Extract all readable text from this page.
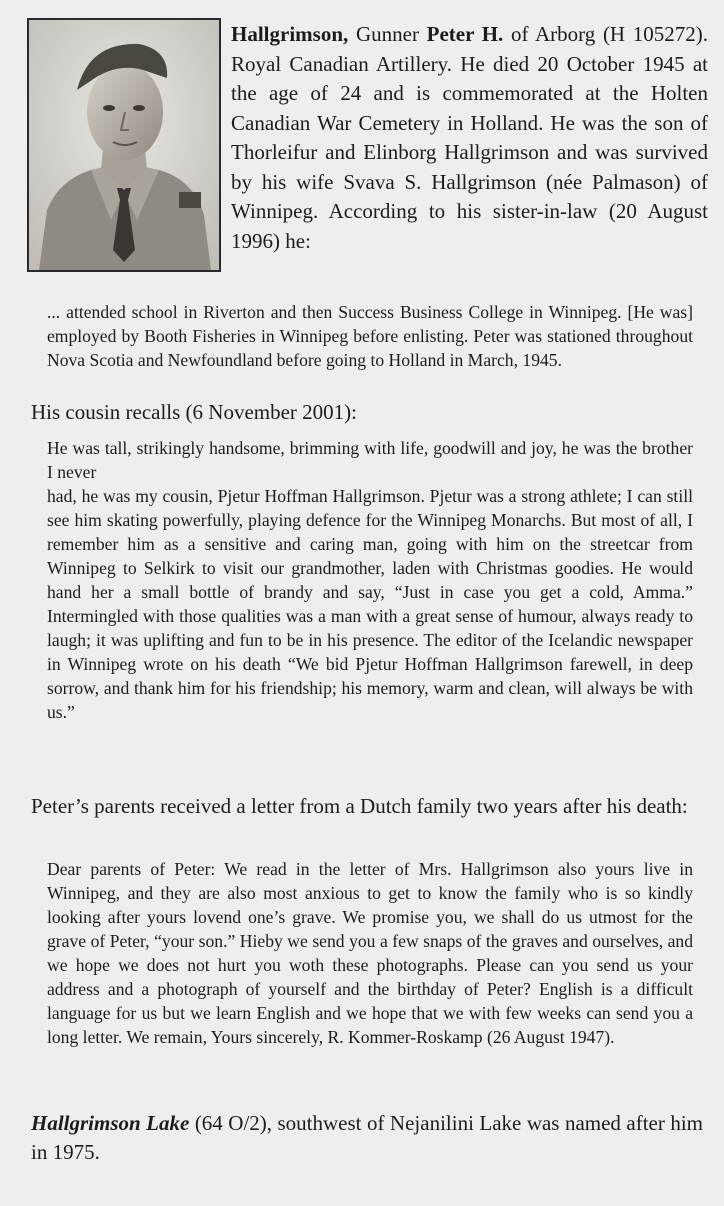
Hallgrimson, Gunner Peter H. of Arborg (H 105272). Royal Canadian Artillery. He died 20 October 1945 at the age of 24 and is commemorated at the Holten Canadian War Cemetery in Holland. He was the son of Thorleifur and Elinborg Hallgrimson and was survived by his wife Svava S. Hallgrimson (née Palmason) of Winnipeg. According to his sister-in-law (20 August 1996) he:

... attended school in Riverton and then Success Business College in Winnipeg. [He was] employed by Booth Fisheries in Winnipeg before enlisting. Peter was stationed throughout Nova Scotia and Newfoundland before going to Holland in March, 1945.

His cousin recalls (6 November 2001):

He was tall, strikingly handsome, brimming with life, goodwill and joy, he was the brother I never
had, he was my cousin, Pjetur Hoffman Hallgrimson. Pjetur was a strong athlete; I can still see him skating powerfully, playing defence for the Winnipeg Monarchs. But most of all, I remember him as a sensitive and caring man, going with him on the streetcar from Winnipeg to Selkirk to visit our grandmother, laden with Christmas goodies. He would hand her a small bottle of brandy and say, “Just in case you get a cold, Amma.” Intermingled with those qualities was a man with a great sense of humour, always ready to laugh; it was uplifting and fun to be in his presence. The editor of the Icelandic newspaper in Winnipeg wrote on his death “We bid Pjetur Hoffman Hallgrimson farewell, in deep sorrow, and thank him for his friendship; his memory, warm and clean, will always be with us.”

Peter’s parents received a letter from a Dutch family two years after his death:

Dear parents of Peter: We read in the letter of Mrs. Hallgrimson also yours live in Winnipeg, and they are also most anxious to get to know the family who is so kindly looking after yours lovend one’s grave. We promise you, we shall do us utmost for the grave of Peter, “your son.” Hieby we send you a few snaps of the graves and ourselves, and we hope we does not hurt you woth these photographs. Please can you send us your address and a photograph of yourself and the birthday of Peter? English is a difficult language for us but we learn English and we hope that we with few weeks can send you a long letter. We remain, Yours sincerely, R. Kommer-Roskamp (26 August 1947).

Hallgrimson Lake (64 O/2), southwest of Nejanilini Lake was named after him in 1975.
